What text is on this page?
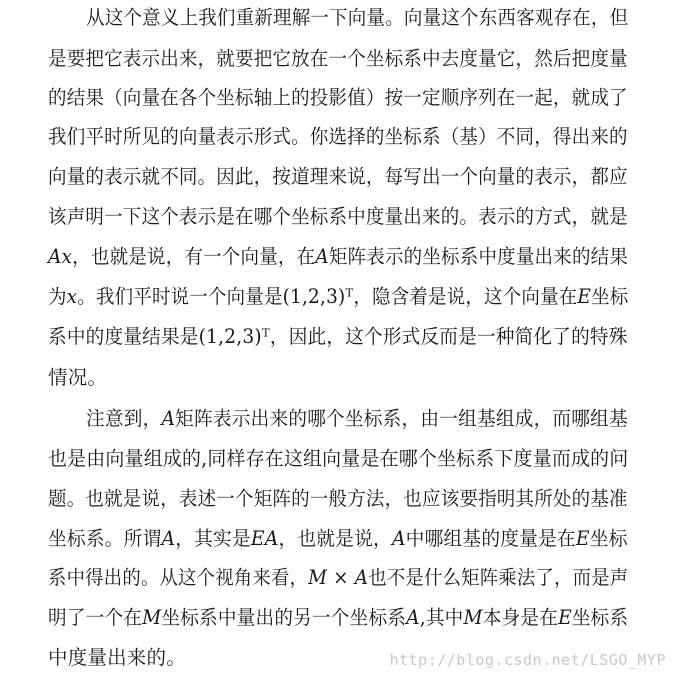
从这个意义上我们重新理解一下向量。向量这个东西客观存在，但
是要把它表示出来，就要把它放在一个坐标系中去度量它，然后把度量
的结果（向量在各个坐标轴上的投影值）按一定顺序列在一起，就成了
我们平时所见的向量表示形式。你选择的坐标系（基）不同，得出来的
向量的表示就不同。因此，按道理来说，每写出一个向量的表示，都应
该声明一下这个表示是在哪个坐标系中度量出来的。表示的方式，就是
𝐴𝑥，也就是说，有一个向量，在𝐴矩阵表示的坐标系中度量出来的结果
为𝑥。我们平时说一个向量是(1,2,3)ᵀ，隐含着是说，这个向量在𝐸坐标
系中的度量结果是(1,2,3)ᵀ，因此，这个形式反而是一种简化了的特殊
情况。
注意到，𝐴矩阵表示出来的哪个坐标系，由一组基组成，而哪组基
也是由向量组成的,同样存在这组向量是在哪个坐标系下度量而成的问
题。也就是说，表述一个矩阵的一般方法，也应该要指明其所处的基准
坐标系。所谓𝐴，其实是𝐸𝐴，也就是说，𝐴中哪组基的度量是在𝐸坐标
系中得出的。从这个视角来看，𝑀 × 𝐴也不是什么矩阵乘法了，而是声
明了一个在𝑀坐标系中量出的另一个坐标系𝐴,其中𝑀本身是在𝐸坐标系
中度量出来的。	http://blog.csdn.net/LSGO_MYP
